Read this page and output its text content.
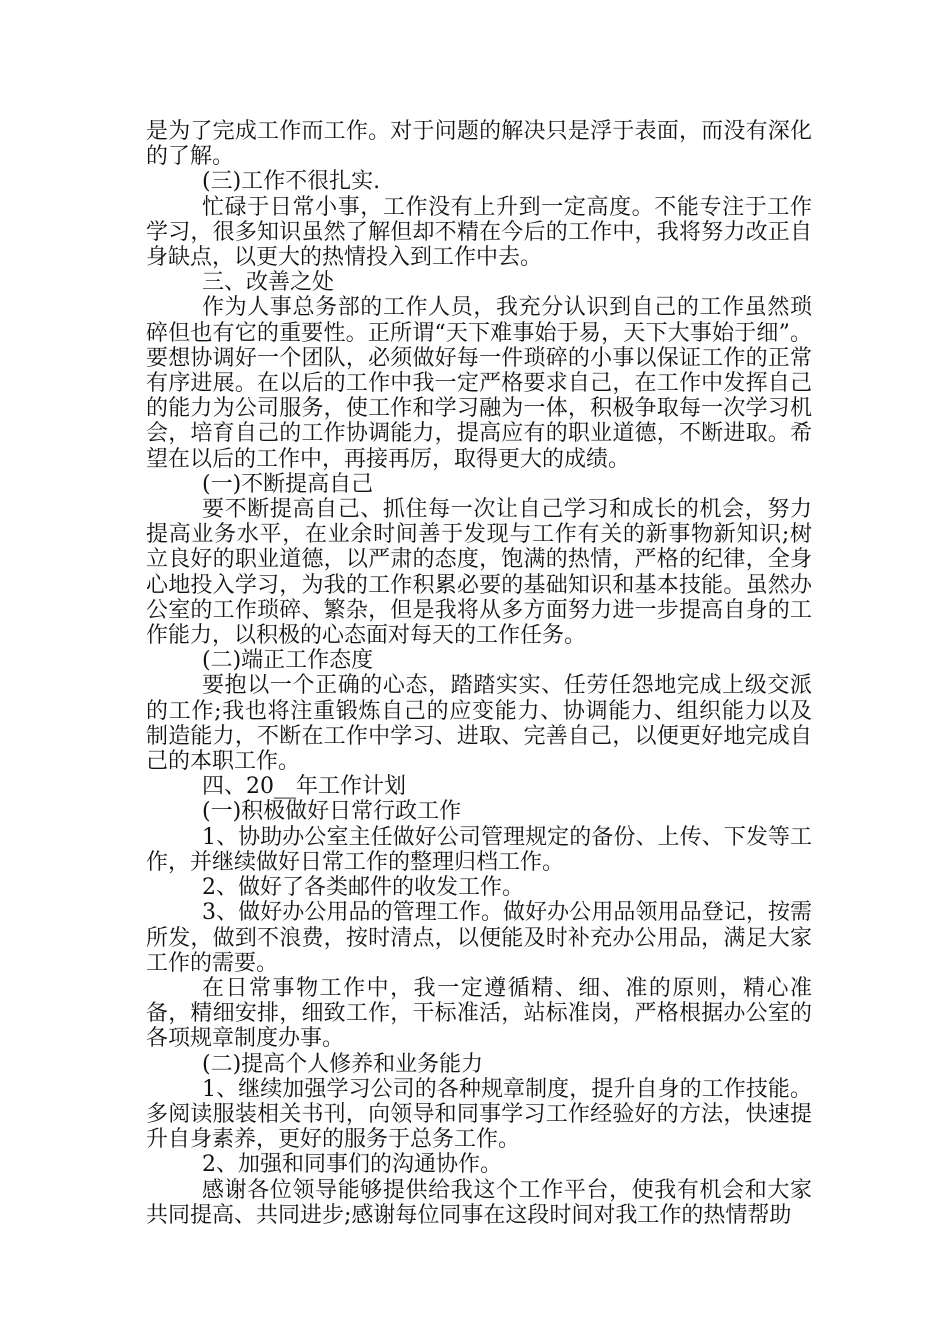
是为了完成工作而工作。对于问题的解决只是浮于表面，而没有深化的了解。

(三)工作不很扎实.

忙碌于日常小事，工作没有上升到一定高度。不能专注于工作学习，很多知识虽然了解但却不精在今后的工作中，我将努力改正自身缺点，以更大的热情投入到工作中去。

三、改善之处

作为人事总务部的工作人员，我充分认识到自己的工作虽然琐碎但也有它的重要性。正所谓“天下难事始于易，天下大事始于细”。要想协调好一个团队，必须做好每一件琐碎的小事以保证工作的正常有序进展。在以后的工作中我一定严格要求自己，在工作中发挥自己的能力为公司服务，使工作和学习融为一体，积极争取每一次学习机会，培育自己的工作协调能力，提高应有的职业道德，不断进取。希望在以后的工作中，再接再厉，取得更大的成绩。

(一)不断提高自己

要不断提高自己、抓住每一次让自己学习和成长的机会，努力提高业务水平，在业余时间善于发现与工作有关的新事物新知识;树立良好的职业道德，以严肃的态度，饱满的热情，严格的纪律，全身心地投入学习，为我的工作积累必要的基础知识和基本技能。虽然办公室的工作琐碎、繁杂，但是我将从多方面努力进一步提高自身的工作能力，以积极的心态面对每天的工作任务。

(二)端正工作态度

要抱以一个正确的心态，踏踏实实、任劳任怨地完成上级交派的工作;我也将注重锻炼自己的应变能力、协调能力、组织能力以及制造能力，不断在工作中学习、进取、完善自己，以便更好地完成自己的本职工作。

四、20__年工作计划

(一)积极做好日常行政工作

1、协助办公室主任做好公司管理规定的备份、上传、下发等工作，并继续做好日常工作的整理归档工作。

2、做好了各类邮件的收发工作。

3、做好办公用品的管理工作。做好办公用品领用品登记，按需所发，做到不浪费，按时清点，以便能及时补充办公用品，满足大家工作的需要。

在日常事物工作中，我一定遵循精、细、准的原则，精心准备，精细安排，细致工作，干标准活，站标准岗，严格根据办公室的各项规章制度办事。

(二)提高个人修养和业务能力

1、继续加强学习公司的各种规章制度，提升自身的工作技能。多阅读服装相关书刊，向领导和同事学习工作经验好的方法，快速提升自身素养，更好的服务于总务工作。

2、加强和同事们的沟通协作。

感谢各位领导能够提供给我这个工作平台，使我有机会和大家共同提高、共同进步;感谢每位同事在这段时间对我工作的热情帮助
